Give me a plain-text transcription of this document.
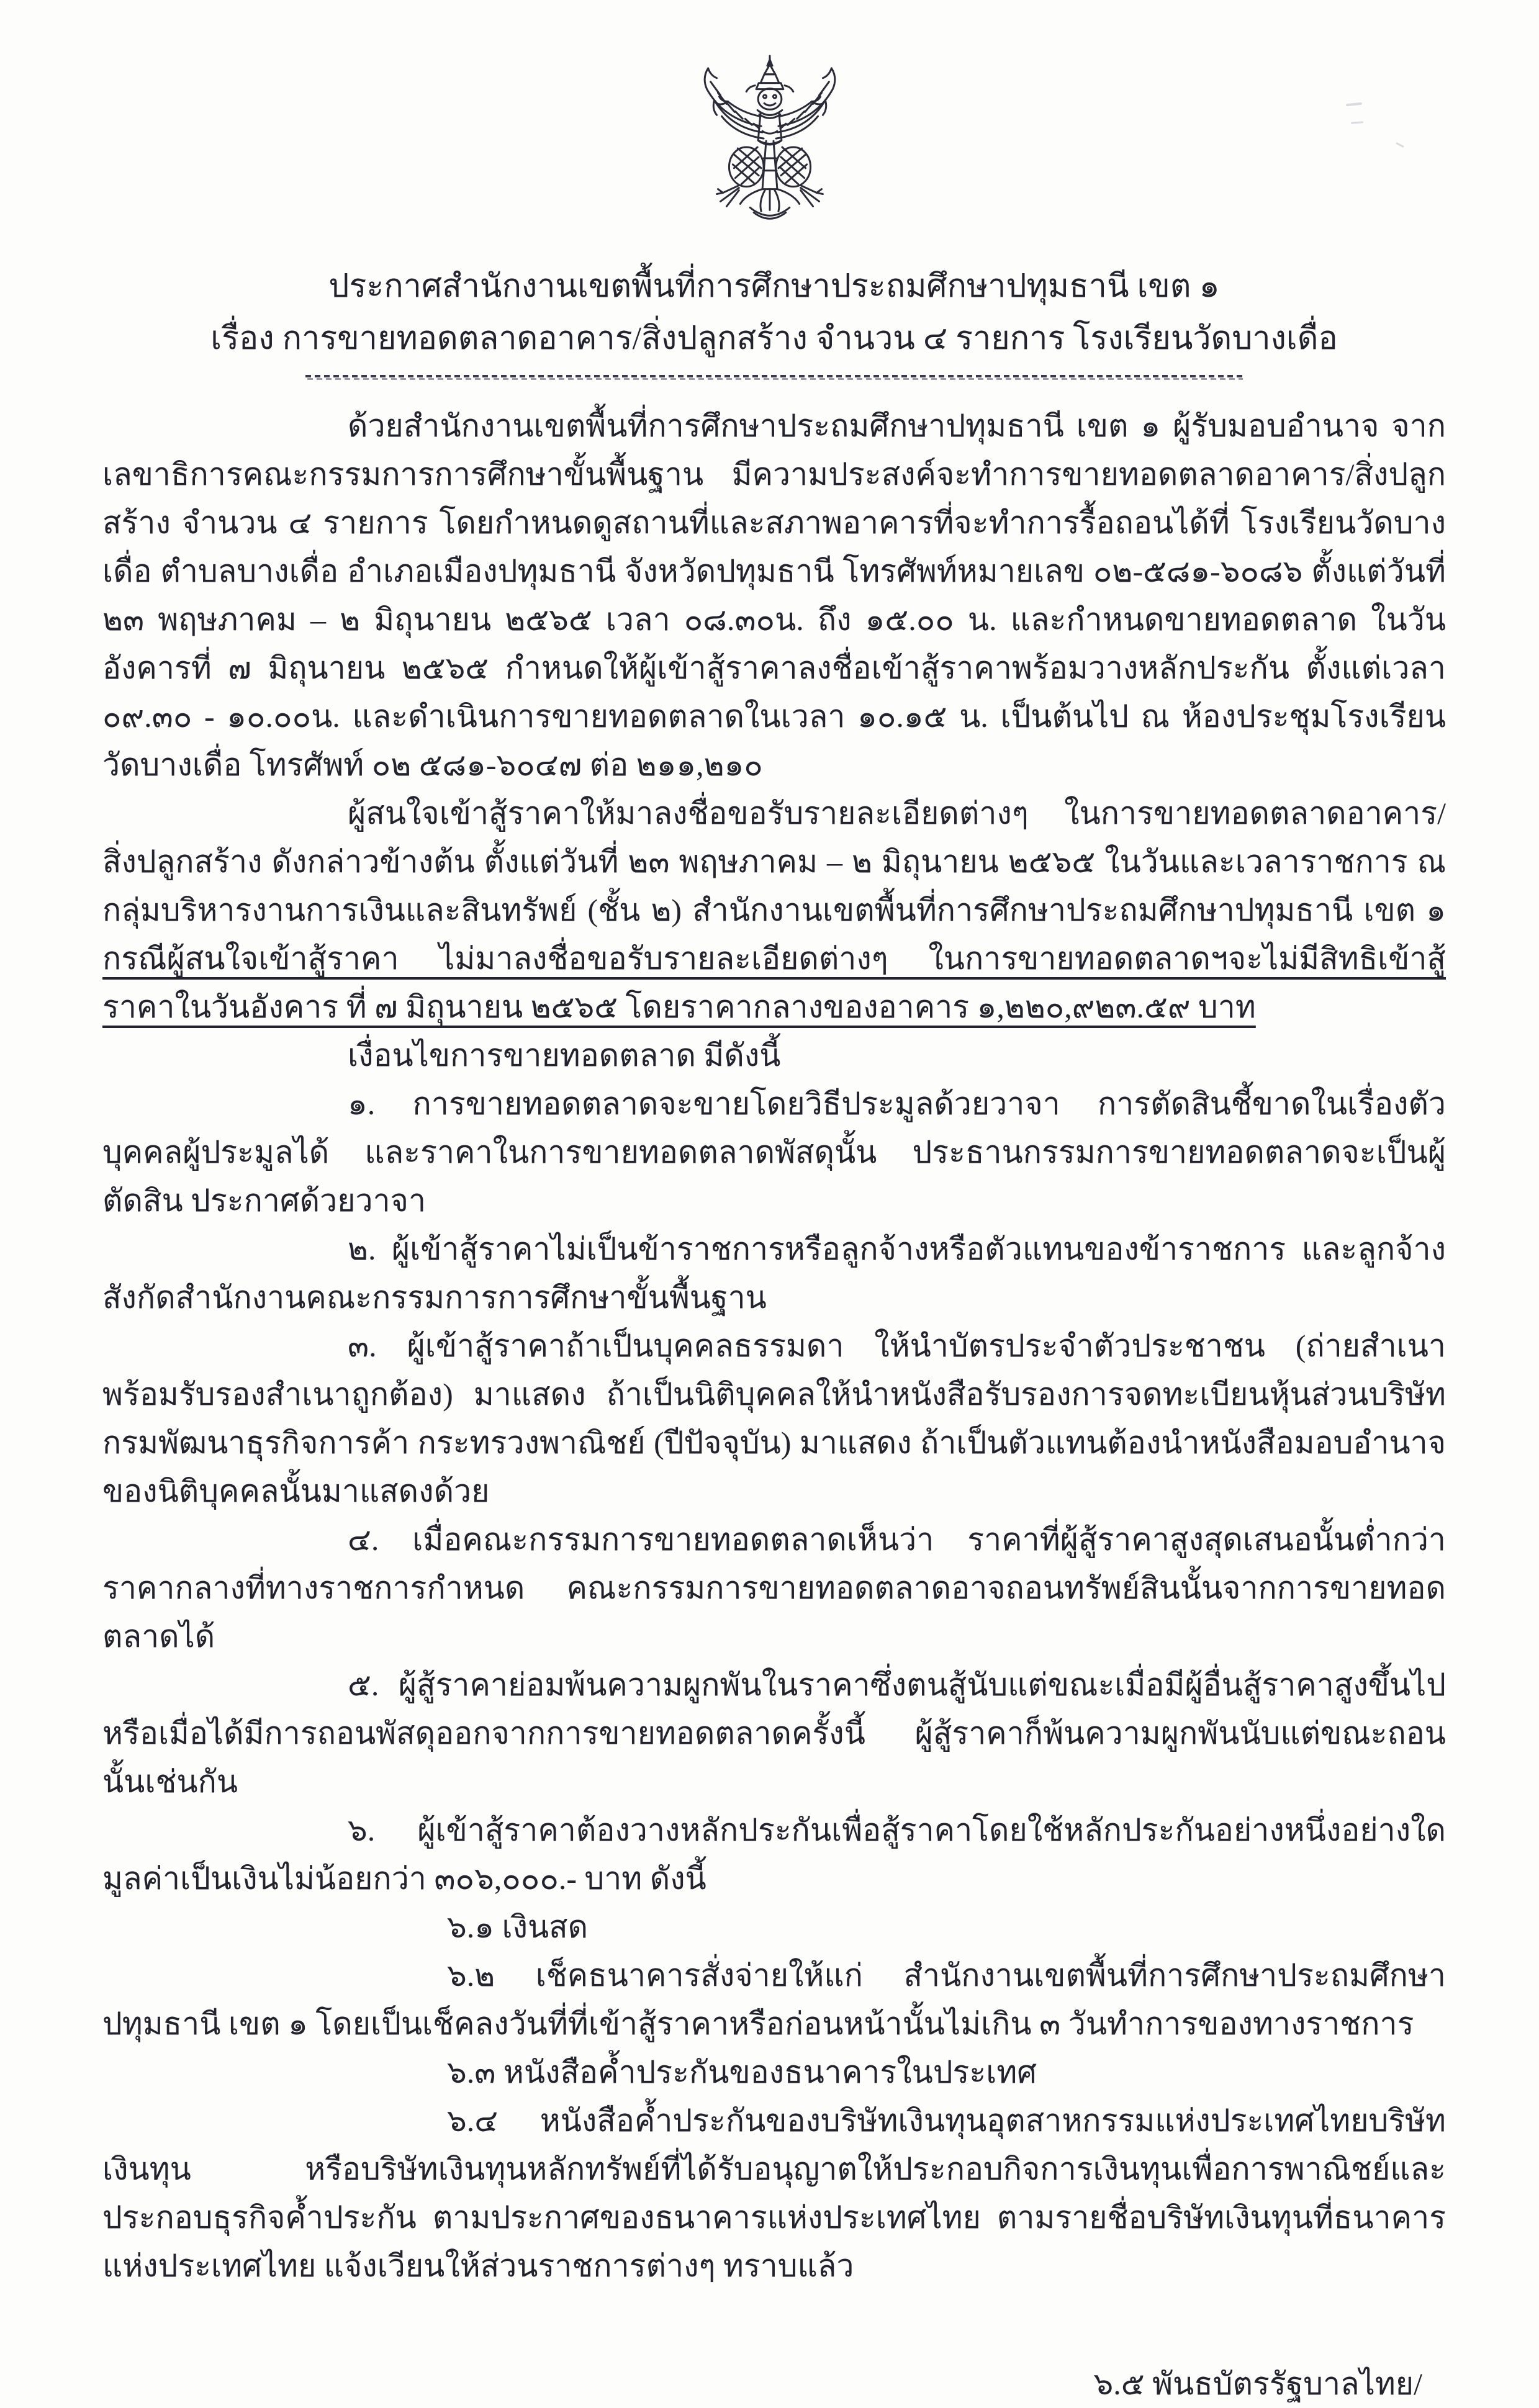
ประกาศสำนักงานเขตพื้นที่การศึกษาประถมศึกษาปทุมธานี เขต ๑
เรื่อง การขายทอดตลาดอาคาร/สิ่งปลูกสร้าง จำนวน ๔ รายการ โรงเรียนวัดบางเดื่อ

ด้วยสำนักงานเขตพื้นที่การศึกษาประถมศึกษาปทุมธานี เขต ๑ ผู้รับมอบอำนาจ จากเลขาธิการคณะกรรมการการศึกษาขั้นพื้นฐาน มีความประสงค์จะทำการขายทอดตลาดอาคาร/สิ่งปลูกสร้าง จำนวน ๔ รายการ โดยกำหนดดูสถานที่และสภาพอาคารที่จะทำการรื้อถอนได้ที่ โรงเรียนวัดบางเดื่อ ตำบลบางเดื่อ อำเภอเมืองปทุมธานี จังหวัดปทุมธานี โทรศัพท์หมายเลข ๐๒-๕๘๑-๖๐๘๖ ตั้งแต่วันที่ ๒๓ พฤษภาคม – ๒ มิถุนายน ๒๕๖๕ เวลา ๐๘.๓๐น. ถึง ๑๕.๐๐ น. และกำหนดขายทอดตลาด ในวันอังคารที่ ๗ มิถุนายน ๒๕๖๕ กำหนดให้ผู้เข้าสู้ราคาลงชื่อเข้าสู้ราคาพร้อมวางหลักประกัน ตั้งแต่เวลา ๐๙.๓๐ - ๑๐.๐๐น. และดำเนินการขายทอดตลาดในเวลา ๑๐.๑๕ น. เป็นต้นไป ณ ห้องประชุมโรงเรียนวัดบางเดื่อ โทรศัพท์ ๐๒ ๕๘๑-๖๐๔๗ ต่อ ๒๑๑,๒๑๐

ผู้สนใจเข้าสู้ราคาให้มาลงชื่อขอรับรายละเอียดต่างๆ ในการขายทอดตลาดอาคาร/สิ่งปลูกสร้าง ดังกล่าวข้างต้น ตั้งแต่วันที่ ๒๓ พฤษภาคม – ๒ มิถุนายน ๒๕๖๕ ในวันและเวลาราชการ ณ กลุ่มบริหารงานการเงินและสินทรัพย์ (ชั้น ๒) สำนักงานเขตพื้นที่การศึกษาประถมศึกษาปทุมธานี เขต ๑ กรณีผู้สนใจเข้าสู้ราคา ไม่มาลงชื่อขอรับรายละเอียดต่างๆ ในการขายทอดตลาดฯจะไม่มีสิทธิเข้าสู้ราคาในวันอังคาร ที่ ๗ มิถุนายน ๒๕๖๕ โดยราคากลางของอาคาร ๑,๒๒๐,๙๒๓.๕๙ บาท

เงื่อนไขการขายทอดตลาด มีดังนี้

๑. การขายทอดตลาดจะขายโดยวิธีประมูลด้วยวาจา การตัดสินชี้ขาดในเรื่องตัวบุคคลผู้ประมูลได้ และราคาในการขายทอดตลาดพัสดุนั้น ประธานกรรมการขายทอดตลาดจะเป็นผู้ตัดสิน ประกาศด้วยวาจา

๒. ผู้เข้าสู้ราคาไม่เป็นข้าราชการหรือลูกจ้างหรือตัวแทนของข้าราชการ และลูกจ้างสังกัดสำนักงานคณะกรรมการการศึกษาขั้นพื้นฐาน

๓. ผู้เข้าสู้ราคาถ้าเป็นบุคคลธรรมดา ให้นำบัตรประจำตัวประชาชน (ถ่ายสำเนาพร้อมรับรองสำเนาถูกต้อง) มาแสดง ถ้าเป็นนิติบุคคลให้นำหนังสือรับรองการจดทะเบียนหุ้นส่วนบริษัท กรมพัฒนาธุรกิจการค้า กระทรวงพาณิชย์ (ปีปัจจุบัน) มาแสดง ถ้าเป็นตัวแทนต้องนำหนังสือมอบอำนาจของนิติบุคคลนั้นมาแสดงด้วย

๔. เมื่อคณะกรรมการขายทอดตลาดเห็นว่า ราคาที่ผู้สู้ราคาสูงสุดเสนอนั้นต่ำกว่าราคากลางที่ทางราชการกำหนด คณะกรรมการขายทอดตลาดอาจถอนทรัพย์สินนั้นจากการขายทอดตลาดได้

๕. ผู้สู้ราคาย่อมพ้นความผูกพันในราคาซึ่งตนสู้นับแต่ขณะเมื่อมีผู้อื่นสู้ราคาสูงขึ้นไปหรือเมื่อได้มีการถอนพัสดุออกจากการขายทอดตลาดครั้งนี้ ผู้สู้ราคาก็พ้นความผูกพันนับแต่ขณะถอนนั้นเช่นกัน

๖. ผู้เข้าสู้ราคาต้องวางหลักประกันเพื่อสู้ราคาโดยใช้หลักประกันอย่างหนึ่งอย่างใด มูลค่าเป็นเงินไม่น้อยกว่า ๓๐๖,๐๐๐.- บาท ดังนี้

๖.๑ เงินสด

๖.๒ เช็คธนาคารสั่งจ่ายให้แก่ สำนักงานเขตพื้นที่การศึกษาประถมศึกษาปทุมธานี เขต ๑ โดยเป็นเช็คลงวันที่ที่เข้าสู้ราคาหรือก่อนหน้านั้นไม่เกิน ๓ วันทำการของทางราชการ

๖.๓ หนังสือค้ำประกันของธนาคารในประเทศ

๖.๔ หนังสือค้ำประกันของบริษัทเงินทุนอุตสาหกรรมแห่งประเทศไทยบริษัทเงินทุน หรือบริษัทเงินทุนหลักทรัพย์ที่ได้รับอนุญาตให้ประกอบกิจการเงินทุนเพื่อการพาณิชย์และประกอบธุรกิจค้ำประกัน ตามประกาศของธนาคารแห่งประเทศไทย ตามรายชื่อบริษัทเงินทุนที่ธนาคารแห่งประเทศไทย แจ้งเวียนให้ส่วนราชการต่างๆ ทราบแล้ว

๖.๕ พันธบัตรรัฐบาลไทย/
